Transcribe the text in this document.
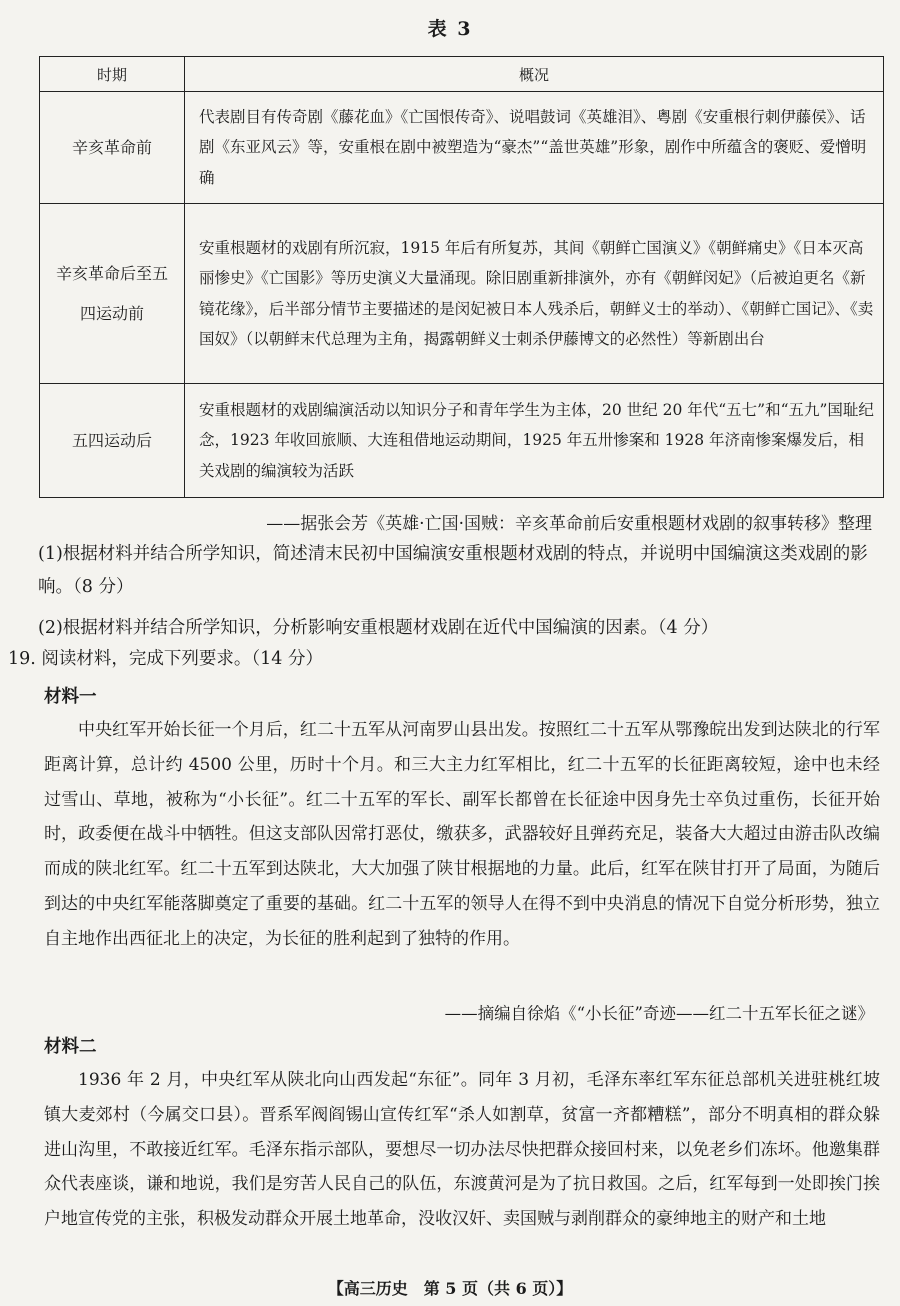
表 3
时期	概况
辛亥革命前	代表剧目有传奇剧《藤花血》《亡国恨传奇》、说唱鼓词《英雄泪》、粤剧《安重根行刺伊藤侯》、话剧《东亚风云》等，安重根在剧中被塑造为“豪杰”“盖世英雄”形象，剧作中所蕴含的褒贬、爱憎明确
辛亥革命后至五四运动前	安重根题材的戏剧有所沉寂，1915 年后有所复苏，其间《朝鲜亡国演义》《朝鲜痛史》《日本灭高丽惨史》《亡国影》等历史演义大量涌现。除旧剧重新排演外，亦有《朝鲜闵妃》（后被迫更名《新镜花缘》，后半部分情节主要描述的是闵妃被日本人残杀后，朝鲜义士的举动）、《朝鲜亡国记》、《卖国奴》（以朝鲜末代总理为主角，揭露朝鲜义士刺杀伊藤博文的必然性）等新剧出台
五四运动后	安重根题材的戏剧编演活动以知识分子和青年学生为主体，20 世纪 20 年代“五七”和“五九”国耻纪念，1923 年收回旅顺、大连租借地运动期间，1925 年五卅惨案和 1928 年济南惨案爆发后，相关戏剧的编演较为活跃
——据张会芳《英雄·亡国·国贼：辛亥革命前后安重根题材戏剧的叙事转移》整理
(1)根据材料并结合所学知识，简述清末民初中国编演安重根题材戏剧的特点，并说明中国编演这类戏剧的影响。（8 分）
(2)根据材料并结合所学知识，分析影响安重根题材戏剧在近代中国编演的因素。（4 分）
19. 阅读材料，完成下列要求。（14 分）
材料一
中央红军开始长征一个月后，红二十五军从河南罗山县出发。按照红二十五军从鄂豫皖出发到达陕北的行军距离计算，总计约 4500 公里，历时十个月。和三大主力红军相比，红二十五军的长征距离较短，途中也未经过雪山、草地，被称为“小长征”。红二十五军的军长、副军长都曾在长征途中因身先士卒负过重伤，长征开始时，政委便在战斗中牺牲。但这支部队因常打恶仗，缴获多，武器较好且弹药充足，装备大大超过由游击队改编而成的陕北红军。红二十五军到达陕北，大大加强了陕甘根据地的力量。此后，红军在陕甘打开了局面，为随后到达的中央红军能落脚奠定了重要的基础。红二十五军的领导人在得不到中央消息的情况下自觉分析形势，独立自主地作出西征北上的决定，为长征的胜利起到了独特的作用。
——摘编自徐焰《“小长征”奇迹——红二十五军长征之谜》
材料二
1936 年 2 月，中央红军从陕北向山西发起“东征”。同年 3 月初，毛泽东率红军东征总部机关进驻桃红坡镇大麦郊村（今属交口县）。晋系军阀阎锡山宣传红军“杀人如割草，贫富一齐都糟糕”，部分不明真相的群众躲进山沟里，不敢接近红军。毛泽东指示部队，要想尽一切办法尽快把群众接回村来，以免老乡们冻坏。他邀集群众代表座谈，谦和地说，我们是穷苦人民自己的队伍，东渡黄河是为了抗日救国。之后，红军每到一处即挨门挨户地宣传党的主张，积极发动群众开展土地革命，没收汉奸、卖国贼与剥削群众的豪绅地主的财产和土地
【高三历史　第 5 页（共 6 页）】
